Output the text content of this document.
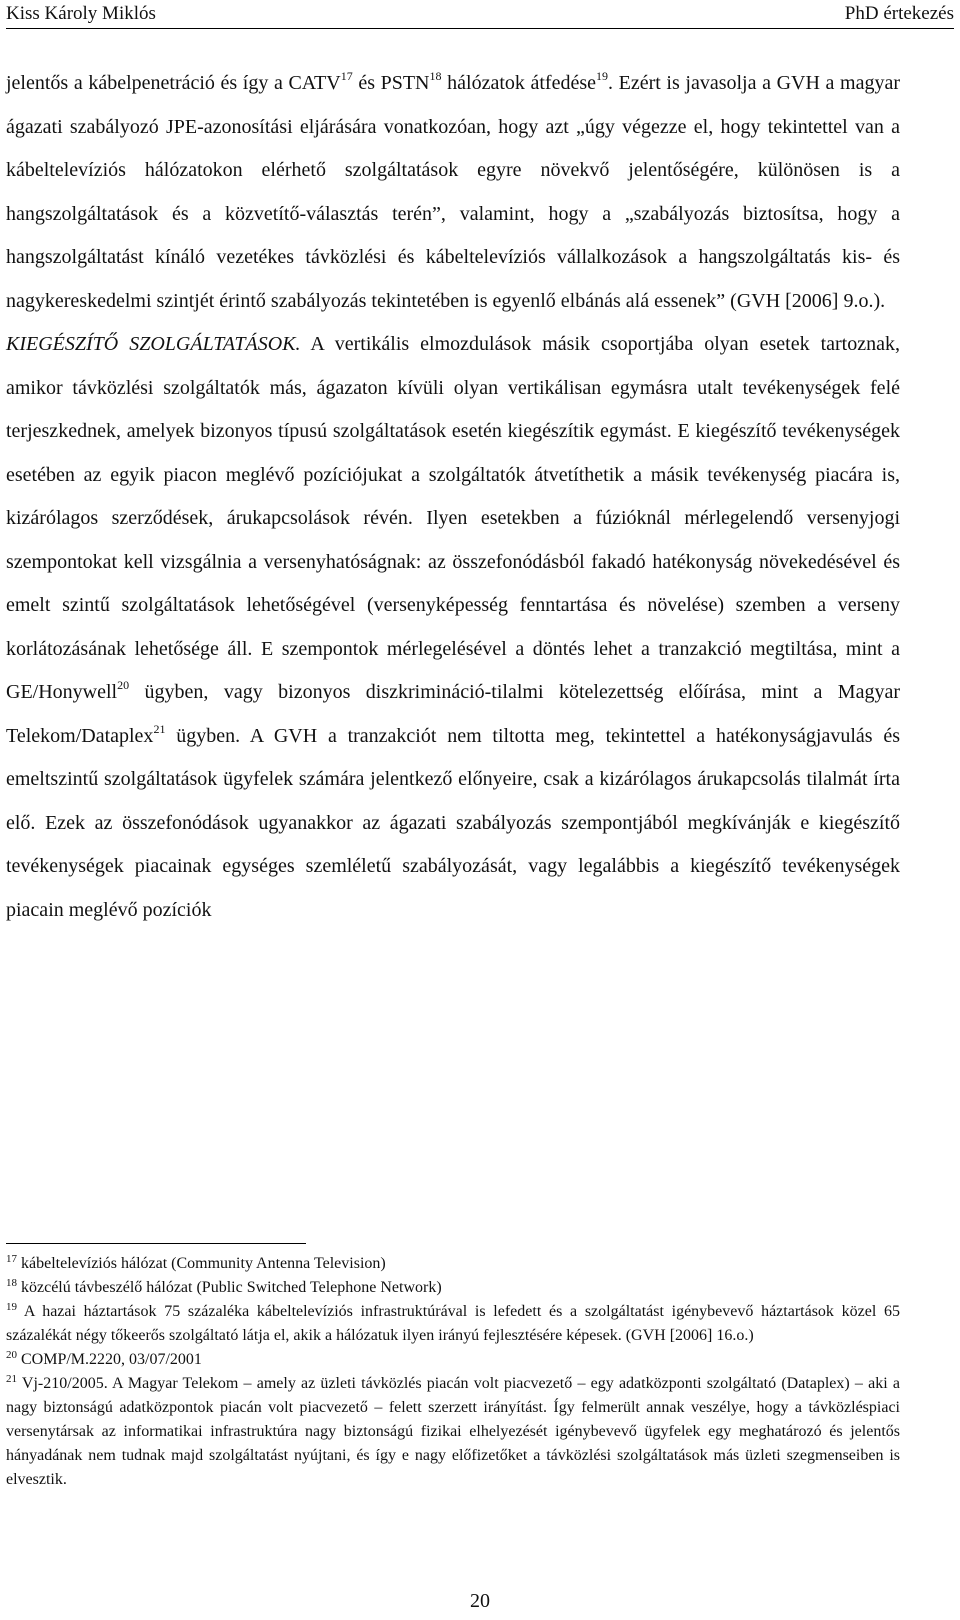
Kiss Károly Miklós	PhD értekezés

jelentős a kábelpenetráció és így a CATV$^{17}$ és PSTN$^{18}$ hálózatok átfedése$^{19}$. Ezért is javasolja a GVH a magyar ágazati szabályozó JPE-azonosítási eljárására vonatkozóan, hogy azt „úgy végezze el, hogy tekintettel van a kábeltelevíziós hálózatokon elérhető szolgáltatások egyre növekvő jelentőségére, különösen is a hangszolgáltatások és a közvetítő-választás terén”, valamint, hogy a „szabályozás biztosítsa, hogy a hangszolgáltatást kínáló vezetékes távközlési és kábeltelevíziós vállalkozások a hangszolgáltatás kis- és nagykereskedelmi szintjét érintő szabályozás tekintetében is egyenlő elbánás alá essenek” (GVH [2006] 9.o.).

KIEGÉSZÍTŐ SZOLGÁLTATÁSOK. A vertikális elmozdulások másik csoportjába olyan esetek tartoznak, amikor távközlési szolgáltatók más, ágazaton kívüli olyan vertikálisan egymásra utalt tevékenységek felé terjeszkednek, amelyek bizonyos típusú szolgáltatások esetén kiegészítik egymást. E kiegészítő tevékenységek esetében az egyik piacon meglévő pozíciójukat a szolgáltatók átvetíthetik a másik tevékenység piacára is, kizárólagos szerződések, árukapcsolások révén. Ilyen esetekben a fúzióknál mérlegelendő versenyjogi szempontokat kell vizsgálnia a versenyhatóságnak: az összefonódásból fakadó hatékonyság növekedésével és emelt szintű szolgáltatások lehetőségével (versenyképesség fenntartása és növelése) szemben a verseny korlátozásának lehetősége áll. E szempontok mérlegelésével a döntés lehet a tranzakció megtiltása, mint a GE/Honywell$^{20}$ ügyben, vagy bizonyos diszkrimináció-tilalmi kötelezettség előírása, mint a Magyar Telekom/Dataplex$^{21}$ ügyben. A GVH a tranzakciót nem tiltotta meg, tekintettel a hatékonyságjavulás és emeltszintű szolgáltatások ügyfelek számára jelentkező előnyeire, csak a kizárólagos árukapcsolás tilalmát írta elő. Ezek az összefonódások ugyanakkor az ágazati szabályozás szempontjából megkívánják e kiegészítő tevékenységek piacainak egységes szemléletű szabályozását, vagy legalábbis a kiegészítő tevékenységek piacain meglévő pozíciók

$^{17}$ kábeltelevíziós hálózat (Community Antenna Television)

$^{18}$ közcélú távbeszélő hálózat (Public Switched Telephone Network)

$^{19}$ A hazai háztartások 75 százaléka kábeltelevíziós infrastruktúrával is lefedett és a szolgáltatást igénybevevő háztartások közel 65 százalékát négy tőkeerős szolgáltató látja el, akik a hálózatuk ilyen irányú fejlesztésére képesek. (GVH [2006] 16.o.)

$^{20}$ COMP/M.2220, 03/07/2001

$^{21}$ Vj-210/2005. A Magyar Telekom – amely az üzleti távközlés piacán volt piacvezető – egy adatközponti szolgáltató (Dataplex) – aki a nagy biztonságú adatközpontok piacán volt piacvezető – felett szerzett irányítást. Így felmerült annak veszélye, hogy a távközléspiaci versenytársak az informatikai infrastruktúra nagy biztonságú fizikai elhelyezését igénybevevő ügyfelek egy meghatározó és jelentős hányadának nem tudnak majd szolgáltatást nyújtani, és így e nagy előfizetőket a távközlési szolgáltatások más üzleti szegmenseiben is elvesztik.

20
